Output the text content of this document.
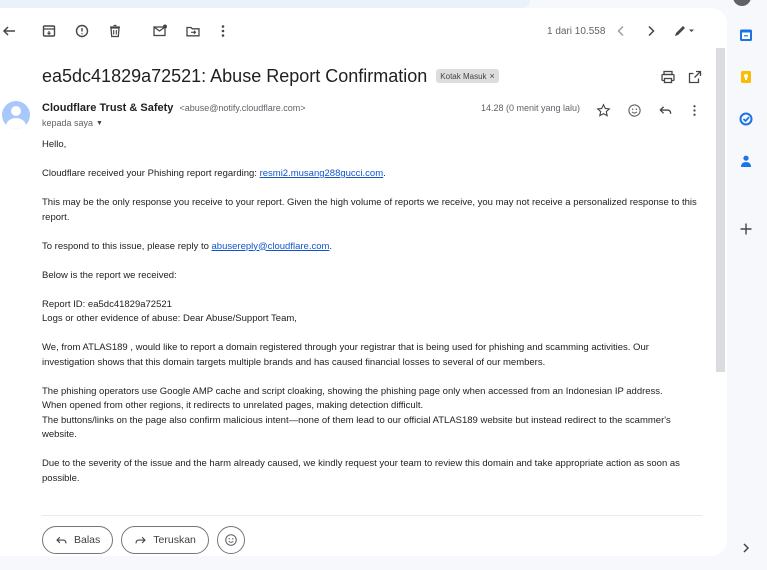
1 dari 10.558
ea5dc41829a72521: Abuse Report Confirmation Kotak Masuk ×
Cloudflare Trust & Safety <abuse@notify.cloudflare.com>
kepada saya ▼
14.28 (0 menit yang lalu)

Hello,

Cloudflare received your Phishing report regarding: resmi2.musang288gucci.com.

This may be the only response you receive to your report. Given the high volume of reports we receive, you may not receive a personalized response to this report.

To respond to this issue, please reply to abusereply@cloudflare.com.

Below is the report we received:

Report ID: ea5dc41829a72521
Logs or other evidence of abuse: Dear Abuse/Support Team,

We, from ATLAS189 , would like to report a domain registered through your registrar that is being used for phishing and scamming activities. Our investigation shows that this domain targets multiple brands and has caused financial losses to several of our members.

The phishing operators use Google AMP cache and script cloaking, showing the phishing page only when accessed from an Indonesian IP address.
When opened from other regions, it redirects to unrelated pages, making detection difficult.
The buttons/links on the page also confirm malicious intent—none of them lead to our official ATLAS189 website but instead redirect to the scammer's website.

Due to the severity of the issue and the harm already caused, we kindly request your team to review this domain and take appropriate action as soon as possible.

Balas	Teruskan
